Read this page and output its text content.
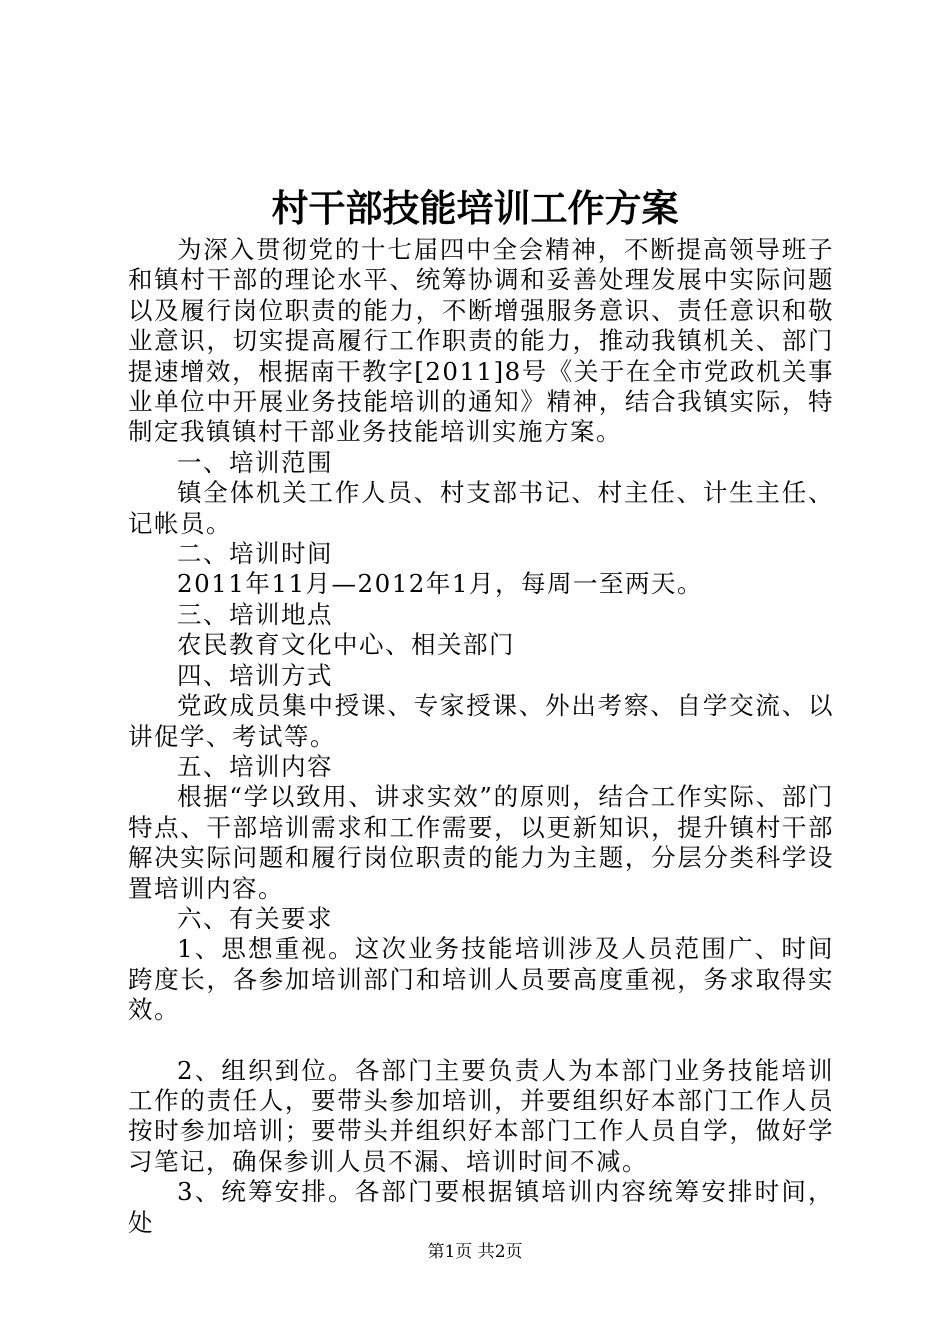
村干部技能培训工作方案

为深入贯彻党的十七届四中全会精神，不断提高领导班子和镇村干部的理论水平、统筹协调和妥善处理发展中实际问题以及履行岗位职责的能力，不断增强服务意识、责任意识和敬业意识，切实提高履行工作职责的能力，推动我镇机关、部门提速增效，根据南干教字[2011]8号《关于在全市党政机关事业单位中开展业务技能培训的通知》精神，结合我镇实际，特制定我镇镇村干部业务技能培训实施方案。

一、培训范围

镇全体机关工作人员、村支部书记、村主任、计生主任、记帐员。

二、培训时间

2011年11月—2012年1月，每周一至两天。

三、培训地点

农民教育文化中心、相关部门

四、培训方式

党政成员集中授课、专家授课、外出考察、自学交流、以讲促学、考试等。

五、培训内容

根据“学以致用、讲求实效”的原则，结合工作实际、部门特点、干部培训需求和工作需要，以更新知识，提升镇村干部解决实际问题和履行岗位职责的能力为主题，分层分类科学设置培训内容。

六、有关要求

1、思想重视。这次业务技能培训涉及人员范围广、时间跨度长，各参加培训部门和培训人员要高度重视，务求取得实效。

2、组织到位。各部门主要负责人为本部门业务技能培训工作的责任人，要带头参加培训，并要组织好本部门工作人员按时参加培训；要带头并组织好本部门工作人员自学，做好学习笔记，确保参训人员不漏、培训时间不减。

3、统筹安排。各部门要根据镇培训内容统筹安排时间，处

第1页 共2页
